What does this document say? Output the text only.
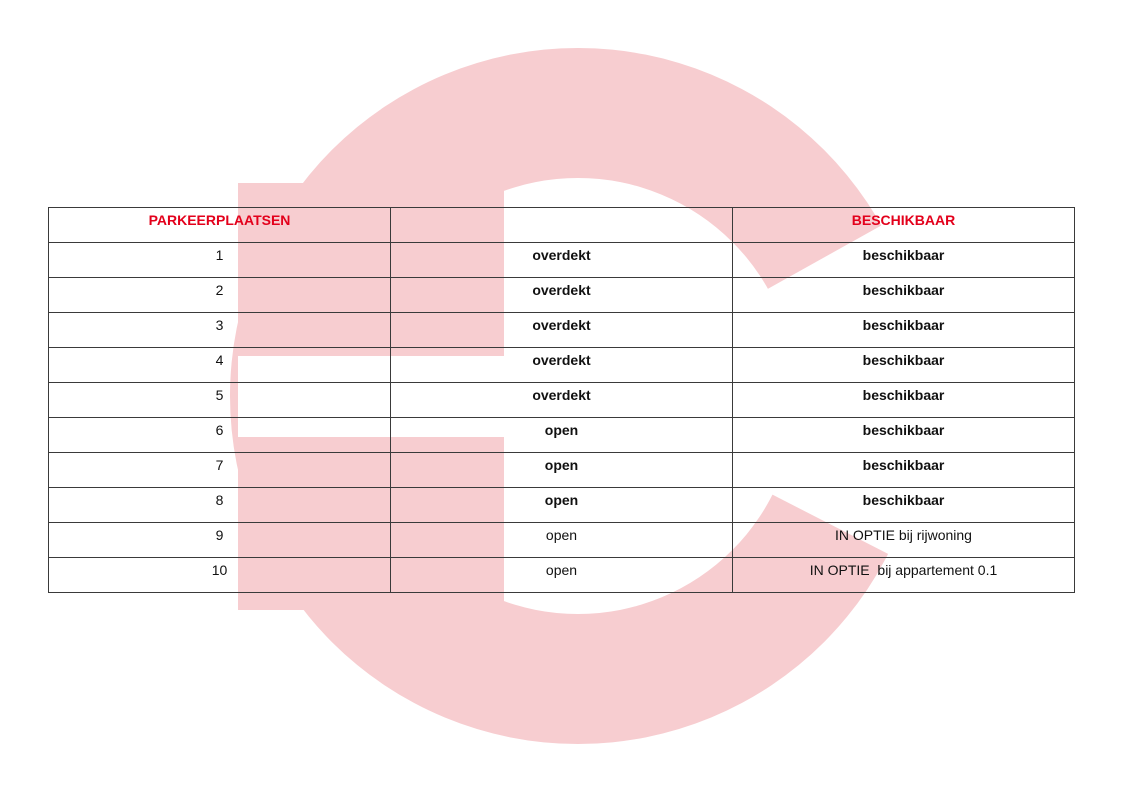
PARKEERPLAATSEN		BESCHIKBAAR
1	overdekt	beschikbaar
2	overdekt	beschikbaar
3	overdekt	beschikbaar
4	overdekt	beschikbaar
5	overdekt	beschikbaar
6	open	beschikbaar
7	open	beschikbaar
8	open	beschikbaar
9	open	IN OPTIE bij rijwoning
10	open	IN OPTIE  bij appartement 0.1
